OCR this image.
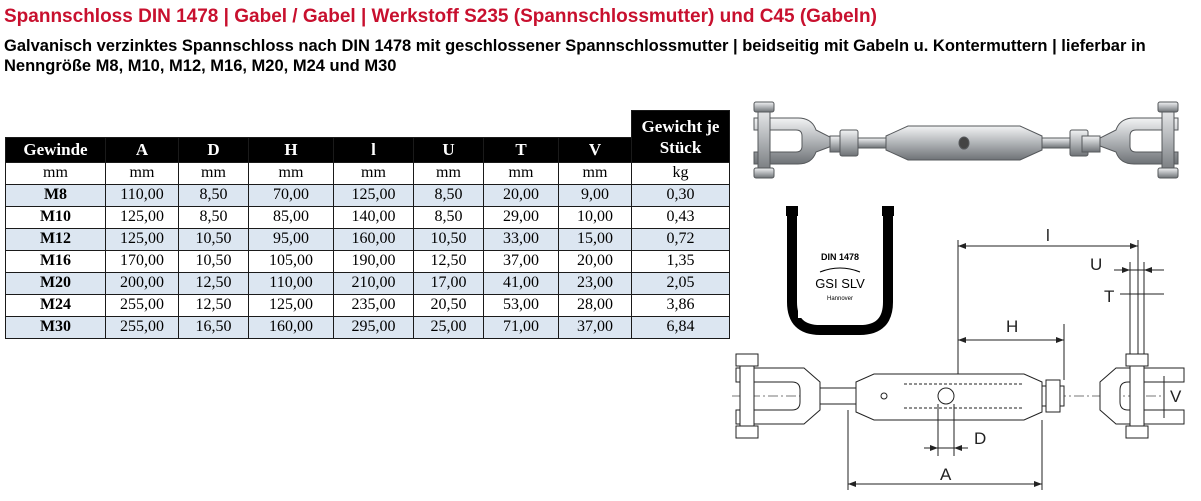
Spannschloss DIN 1478 | Gabel / Gabel | Werkstoff S235 (Spannschlossmutter) und C45 (Gabeln)
Galvanisch verzinktes Spannschloss nach DIN 1478 mit geschlossener Spannschlossmutter | beidseitig mit Gabeln u. Kontermuttern | lieferbar in Nenngröße M8, M10, M12, M16, M20, M24 und M30
								Gewicht je Stück
Gewinde	A	D	H	l	U	T	V	
mm	mm	mm	mm	mm	mm	mm	mm	kg
M8	110,00	8,50	70,00	125,00	8,50	20,00	9,00	0,30
M10	125,00	8,50	85,00	140,00	8,50	29,00	10,00	0,43
M12	125,00	10,50	95,00	160,00	10,50	33,00	15,00	0,72
M16	170,00	10,50	105,00	190,00	12,50	37,00	20,00	1,35
M20	200,00	12,50	110,00	210,00	17,00	41,00	23,00	2,05
M24	255,00	12,50	125,00	235,00	20,50	53,00	28,00	3,86
M30	255,00	16,50	160,00	295,00	25,00	71,00	37,00	6,84
l
U
T
H
V
D
A
DIN 1478
GSI SLV
Hannover
